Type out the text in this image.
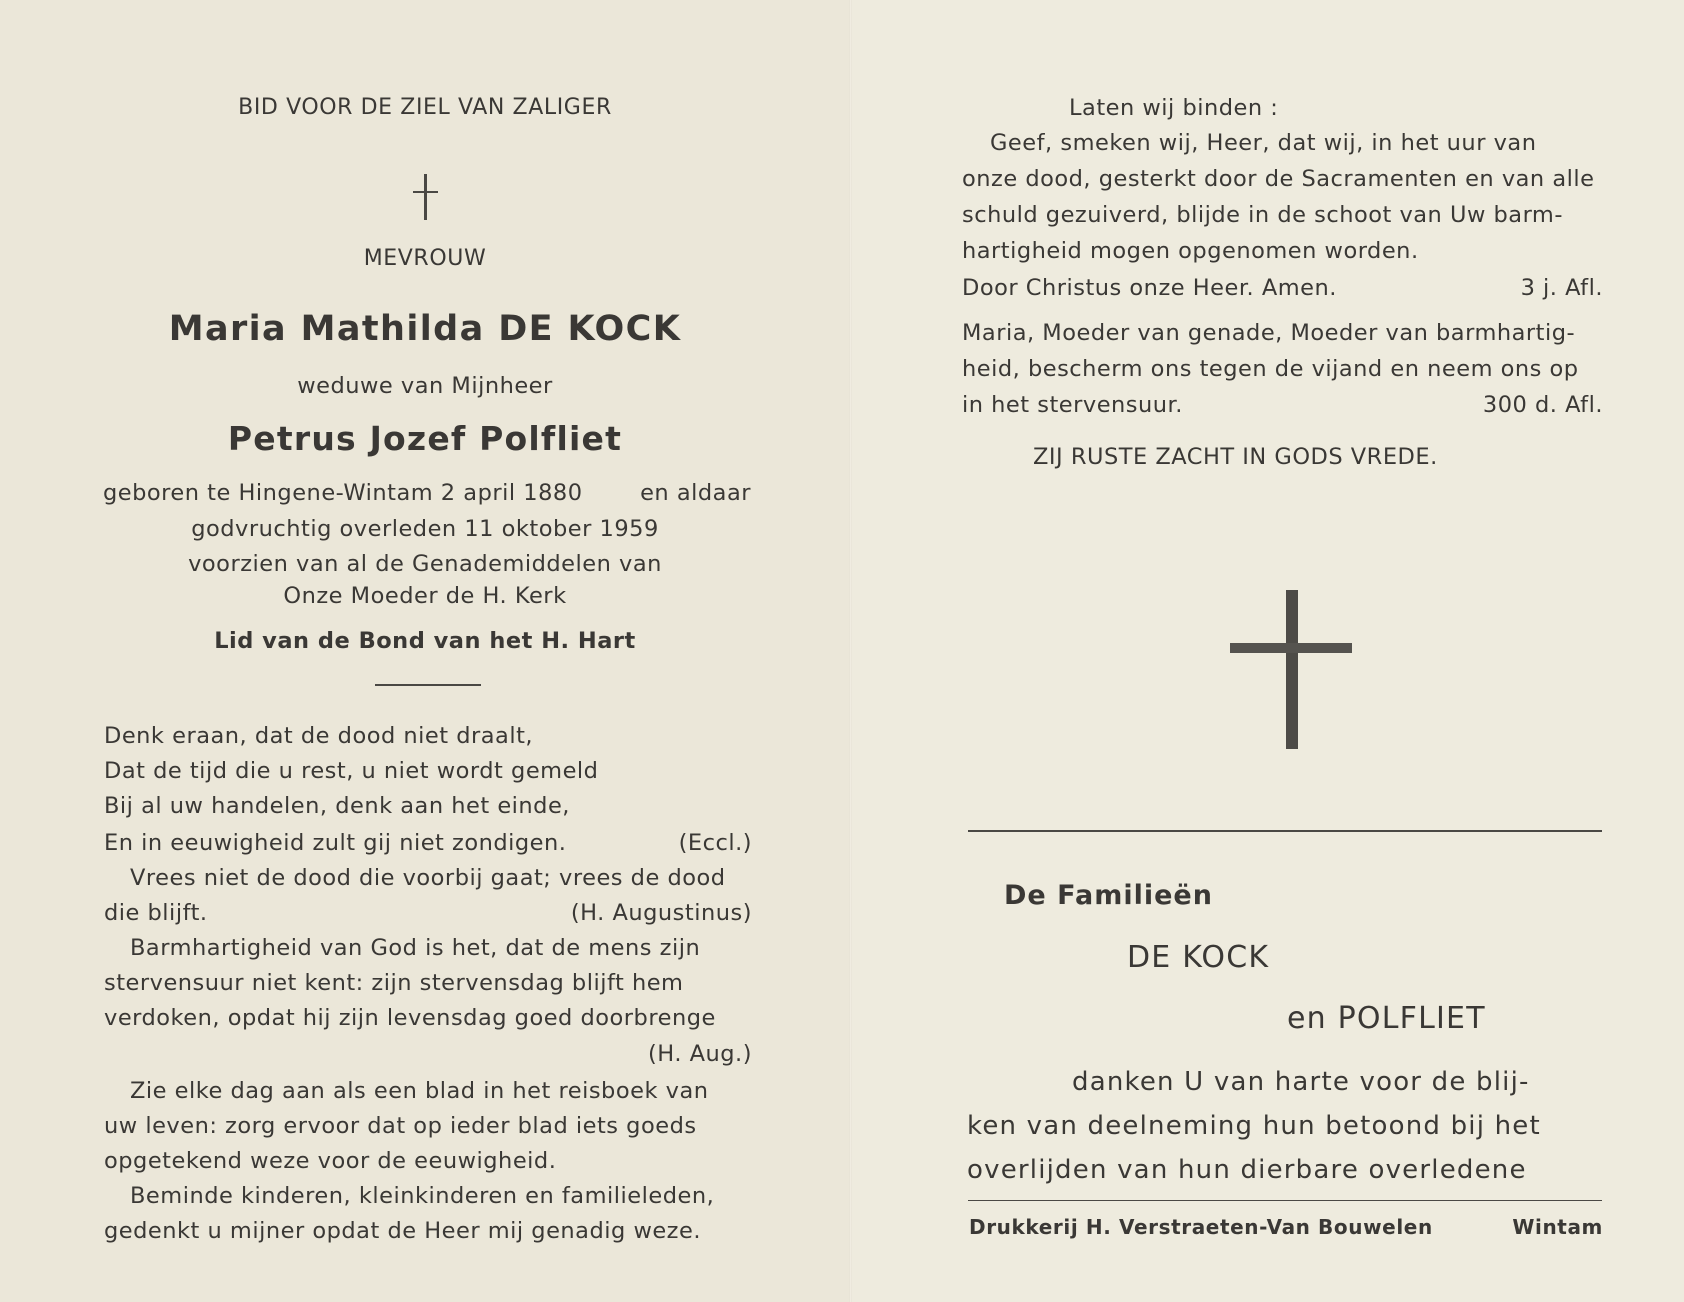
BID VOOR DE ZIEL VAN ZALIGER

MEVROUW

Maria Mathilda DE KOCK

weduwe van Mijnheer

Petrus Jozef Polfliet

geboren te Hingene-Wintam 2 april 1880	en aldaar

godvruchtig overleden 11 oktober 1959

voorzien van al de Genademiddelen van

Onze Moeder de H. Kerk

Lid van de Bond van het H. Hart

Denk eraan, dat de dood niet draalt,

Dat de tijd die u rest, u niet wordt gemeld

Bij al uw handelen, denk aan het einde,

En in eeuwigheid zult gij niet zondigen.	(Eccl.)

Vrees niet de dood die voorbij gaat; vrees de dood

die blijft.	(H. Augustinus)

Barmhartigheid van God is het, dat de mens zijn

stervensuur niet kent: zijn stervensdag blijft hem

verdoken, opdat hij zijn levensdag goed doorbrenge

(H. Aug.)

Zie elke dag aan als een blad in het reisboek van

uw leven: zorg ervoor dat op ieder blad iets goeds

opgetekend weze voor de eeuwigheid.

Beminde kinderen, kleinkinderen en familieleden,

gedenkt u mijner opdat de Heer mij genadig weze.

Laten wij binden :

Geef, smeken wij, Heer, dat wij, in het uur van

onze dood, gesterkt door de Sacramenten en van alle

schuld gezuiverd, blijde in de schoot van Uw barm-

hartigheid mogen opgenomen worden.

Door Christus onze Heer. Amen.	3 j. Afl.

Maria, Moeder van genade, Moeder van barmhartig-

heid, bescherm ons tegen de vijand en neem ons op

in het stervensuur.	300 d. Afl.

ZIJ RUSTE ZACHT IN GODS VREDE.

De Familieën

DE KOCK

en POLFLIET

danken U van harte voor de blij-

ken van deelneming hun betoond bij het

overlijden van hun dierbare overledene

Drukkerij H. Verstraeten-Van Bouwelen	Wintam
